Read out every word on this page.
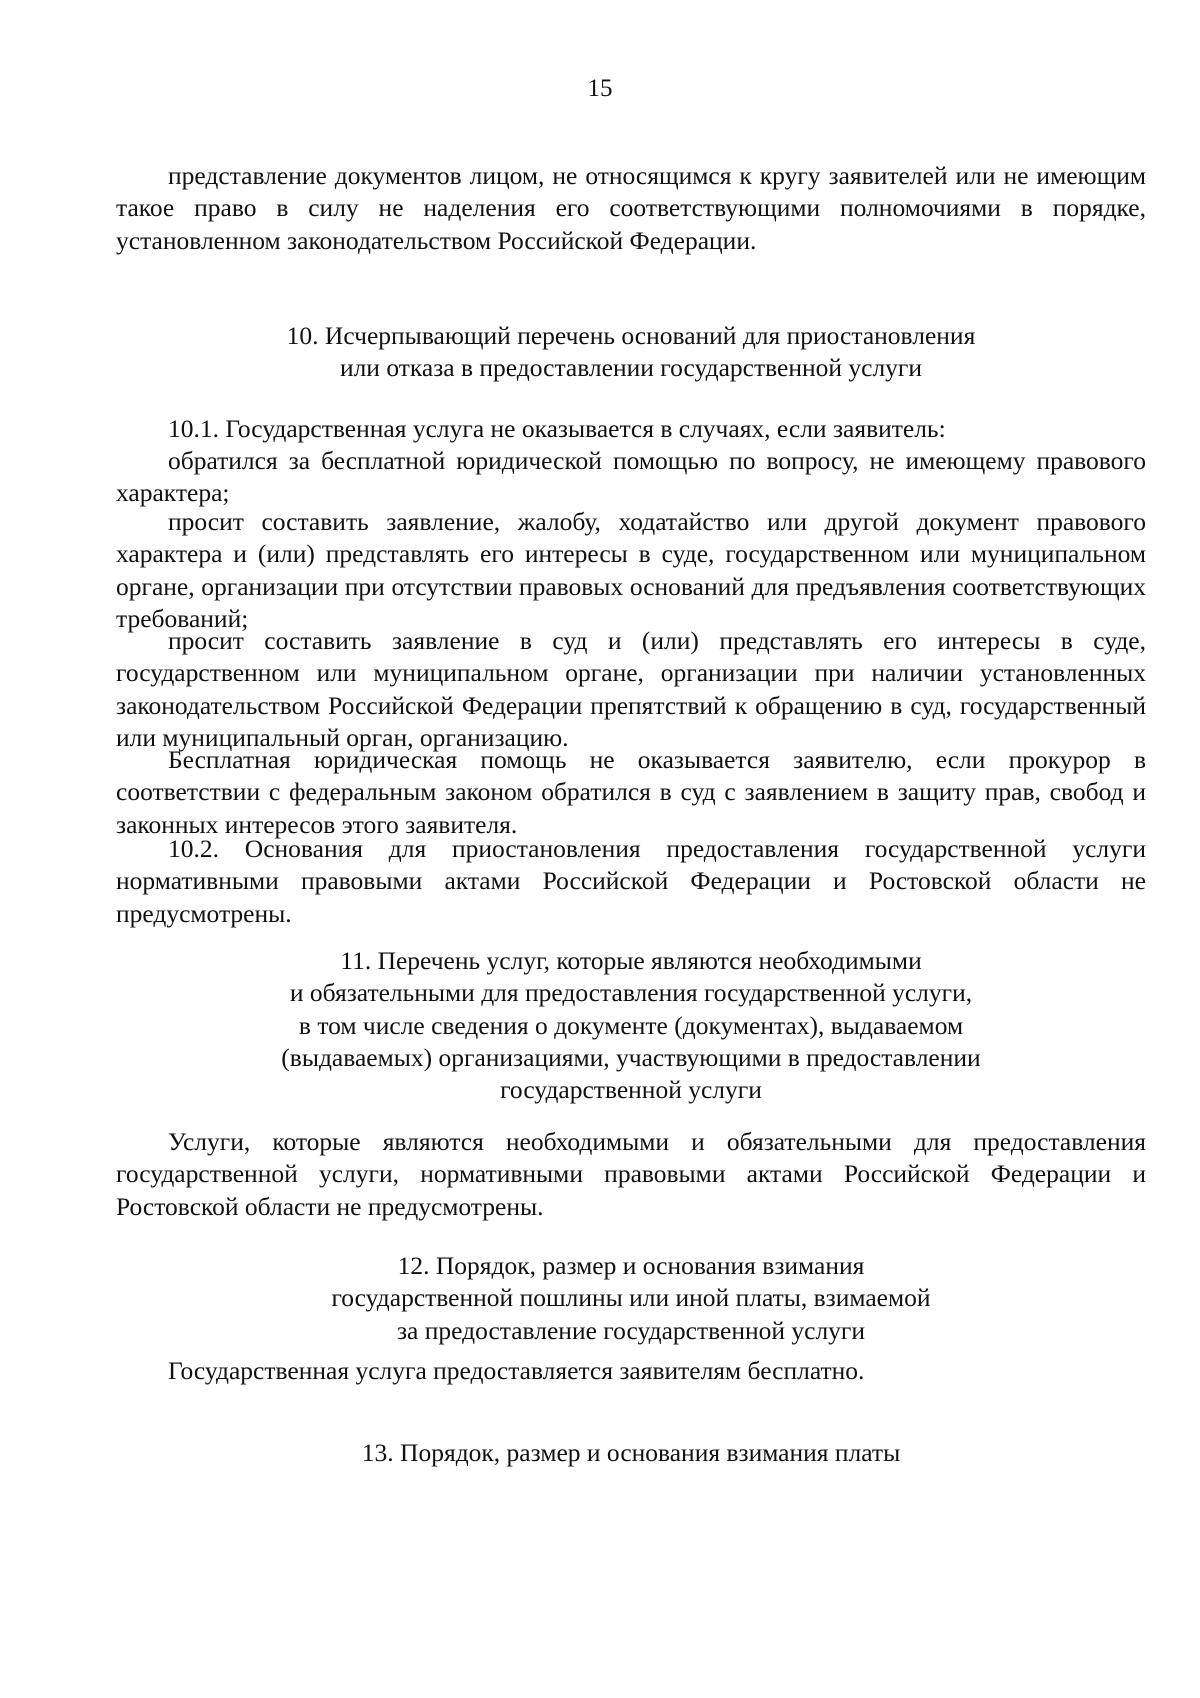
15

представление документов лицом, не относящимся к кругу заявителей или не имеющим такое право в силу не наделения его соответствующими полномочиями в порядке, установленном законодательством Российской Федерации.

10. Исчерпывающий перечень оснований для приостановления
или отказа в предоставлении государственной услуги

10.1. Государственная услуга не оказывается в случаях, если заявитель:

обратился за бесплатной юридической помощью по вопросу, не имеющему правового характера;

просит составить заявление, жалобу, ходатайство или другой документ правового характера и (или) представлять его интересы в суде, государственном или муниципальном органе, организации при отсутствии правовых оснований для предъявления соответствующих требований;

просит составить заявление в суд и (или) представлять его интересы в суде, государственном или муниципальном органе, организации при наличии установленных законодательством Российской Федерации препятствий к обращению в суд, государственный или муниципальный орган, организацию.

Бесплатная юридическая помощь не оказывается заявителю, если прокурор в соответствии с федеральным законом обратился в суд с заявлением в защиту прав, свобод и законных интересов этого заявителя.

10.2. Основания для приостановления предоставления государственной услуги нормативными правовыми актами Российской Федерации и Ростовской области не предусмотрены.

11. Перечень услуг, которые являются необходимыми
и обязательными для предоставления государственной услуги,
в том числе сведения о документе (документах), выдаваемом
(выдаваемых) организациями, участвующими в предоставлении
государственной услуги

Услуги, которые являются необходимыми и обязательными для предоставления государственной услуги, нормативными правовыми актами Российской Федерации и Ростовской области не предусмотрены.

12. Порядок, размер и основания взимания
государственной пошлины или иной платы, взимаемой
за предоставление государственной услуги

Государственная услуга предоставляется заявителям бесплатно.

13. Порядок, размер и основания взимания платы
